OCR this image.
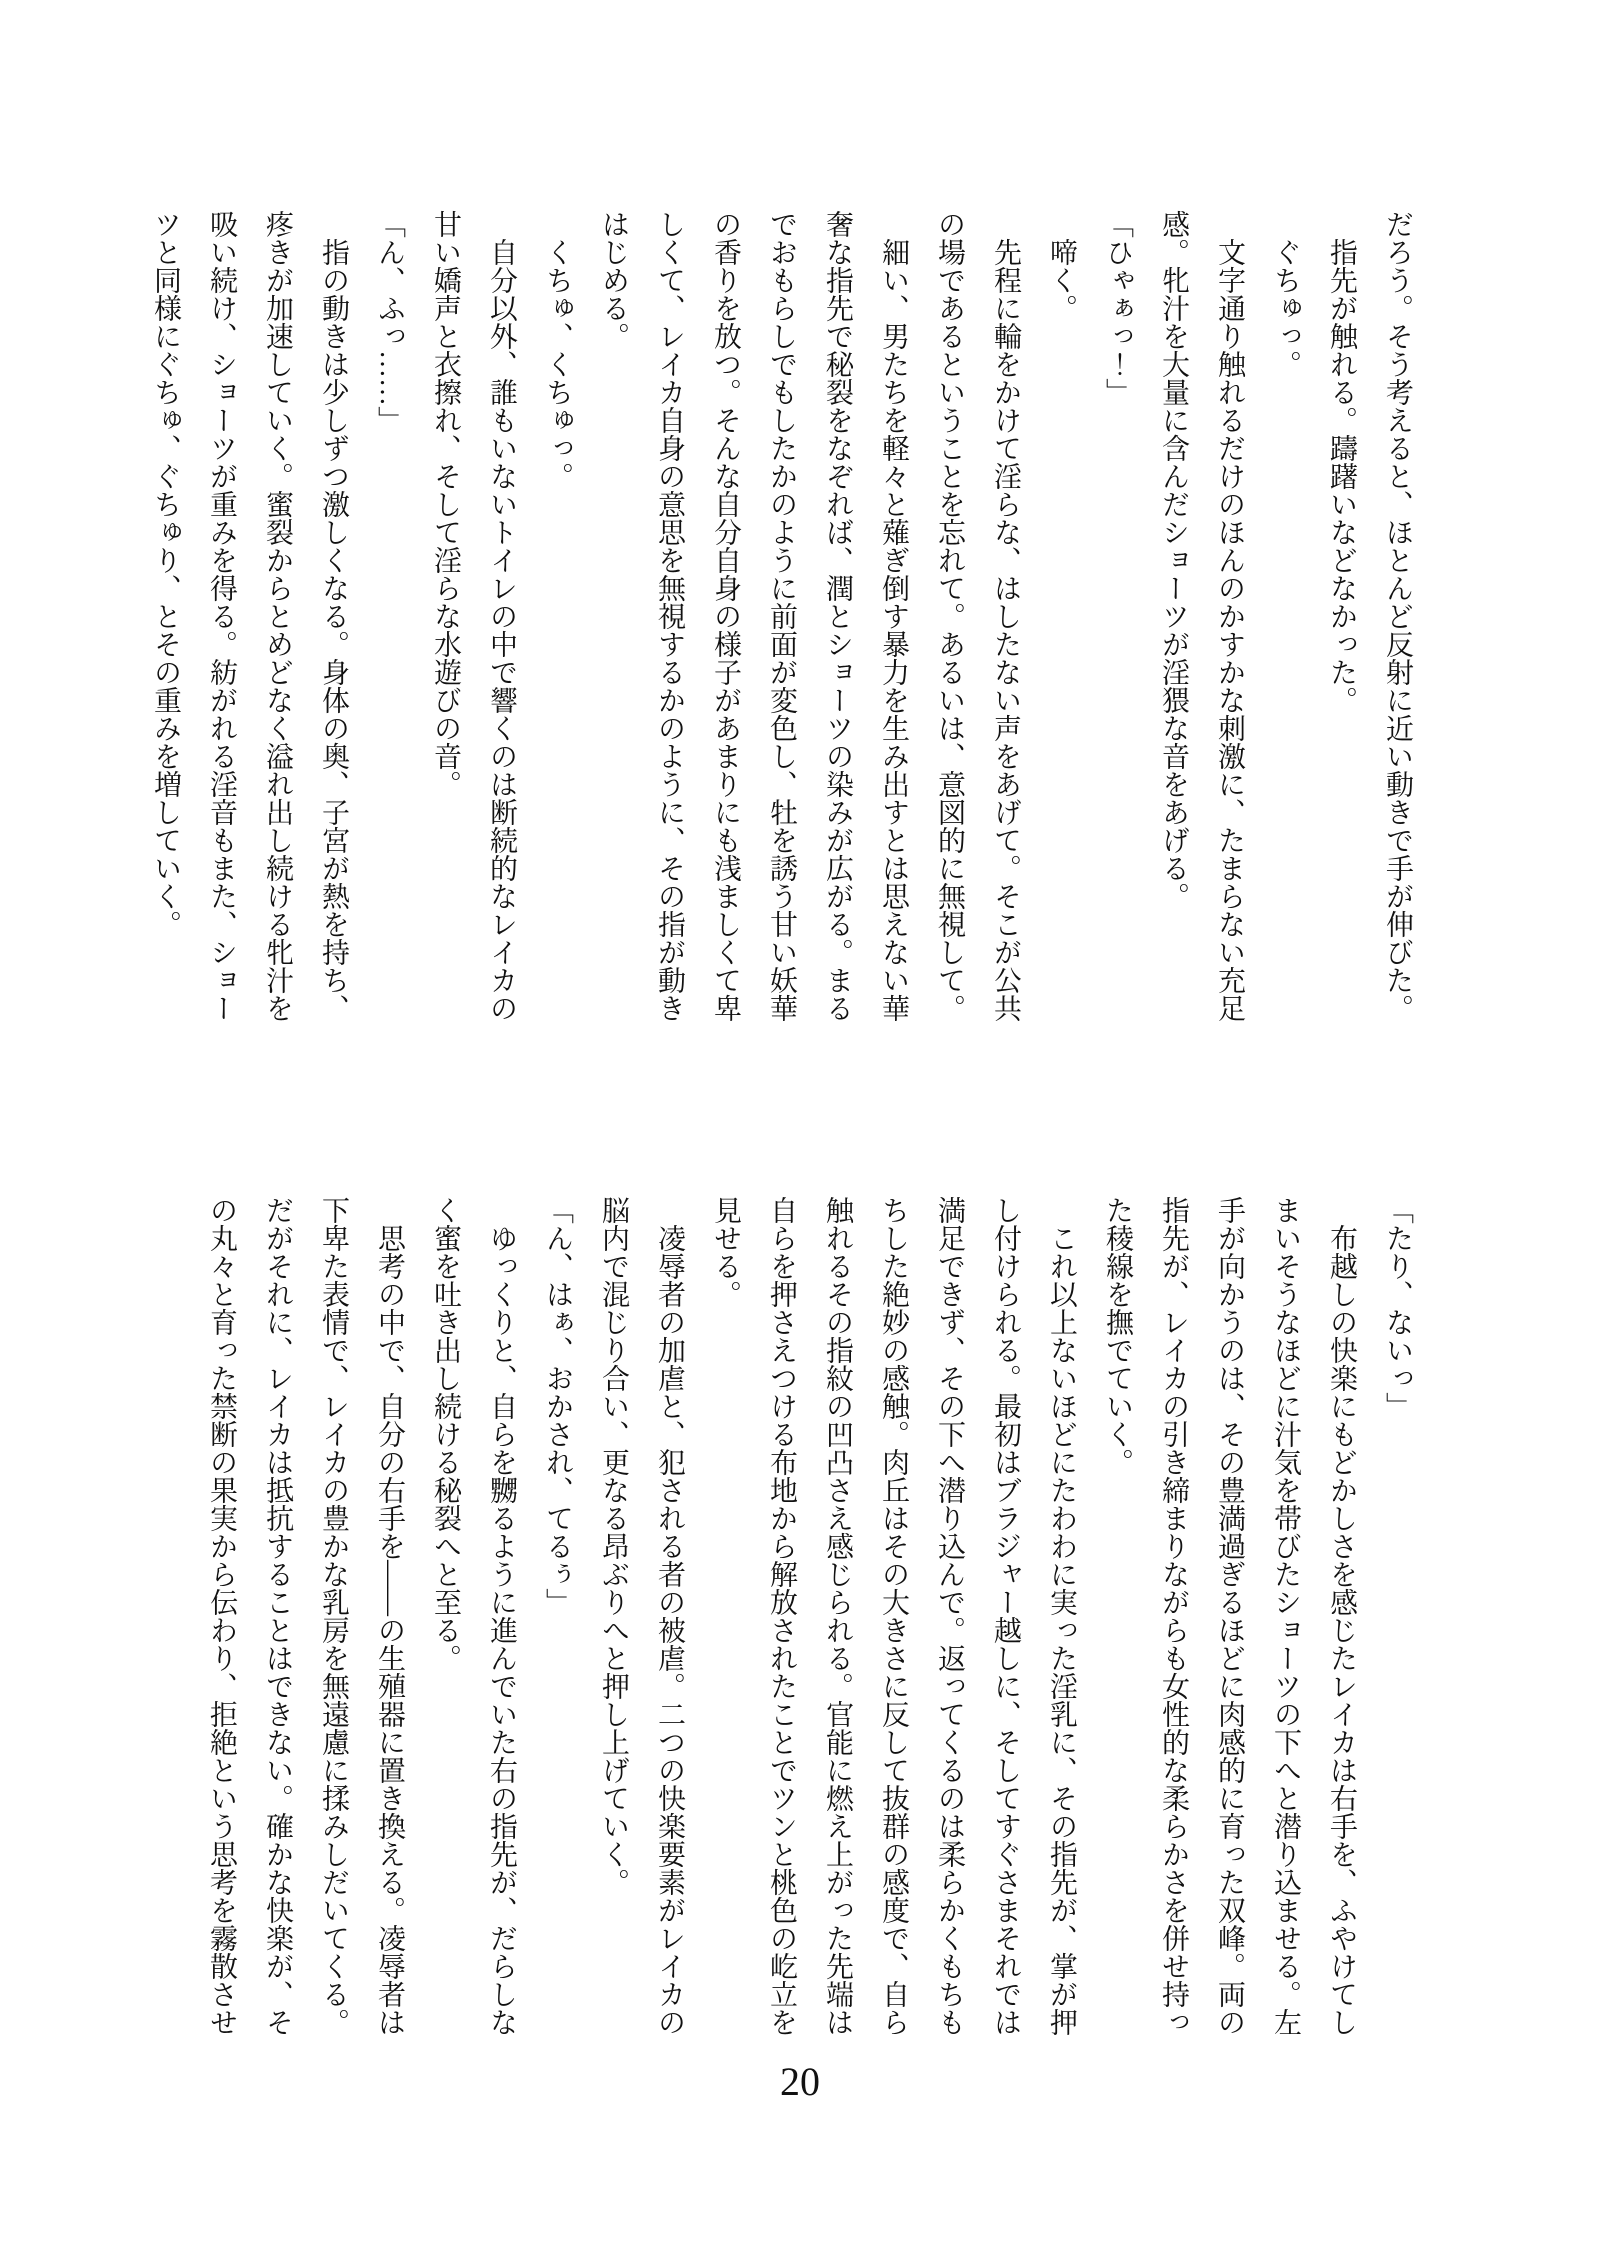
だろう。そう考えると、ほとんど反射に近い動きで手が伸びた。

指先が触れる。躊躇いなどなかった。

ぐちゅっ。

文字通り触れるだけのほんのかすかな刺激に、たまらない充足感。牝汁を大量に含んだショーツが淫猥な音をあげる。

「ひゃぁっ！」

啼く。

先程に輪をかけて淫らな、はしたない声をあげて。そこが公共の場であるということを忘れて。あるいは、意図的に無視して。

細い、男たちを軽々と薙ぎ倒す暴力を生み出すとは思えない華奢な指先で秘裂をなぞれば、潤とショーツの染みが広がる。まるでおもらしでもしたかのように前面が変色し、牡を誘う甘い妖華の香りを放つ。そんな自分自身の様子があまりにも浅ましくて卑しくて、レイカ自身の意思を無視するかのように、その指が動きはじめる。

くちゅ、くちゅっ。

自分以外、誰もいないトイレの中で響くのは断続的なレイカの甘い嬌声と衣擦れ、そして淫らな水遊びの音。

「ん、ふっ……」

指の動きは少しずつ激しくなる。身体の奥、子宮が熱を持ち、疼きが加速していく。蜜裂からとめどなく溢れ出し続ける牝汁を吸い続け、ショーツが重みを得る。紡がれる淫音もまた、ショーツと同様にぐちゅ、ぐちゅり、とその重みを増していく。

「たり、ないっ」

布越しの快楽にもどかしさを感じたレイカは右手を、ふやけてしまいそうなほどに汁気を帯びたショーツの下へと潜り込ませる。左手が向かうのは、その豊満過ぎるほどに肉感的に育った双峰。両の指先が、レイカの引き締まりながらも女性的な柔らかさを併せ持った稜線を撫でていく。

これ以上ないほどにたわわに実った淫乳に、その指先が、掌が押し付けられる。最初はブラジャー越しに、そしてすぐさまそれでは満足できず、その下へ潜り込んで。返ってくるのは柔らかくもちもちした絶妙の感触。肉丘はその大きさに反して抜群の感度で、自ら触れるその指紋の凹凸さえ感じられる。官能に燃え上がった先端は自らを押さえつける布地から解放されたことでツンと桃色の屹立を見せる。

凌辱者の加虐と、犯される者の被虐。二つの快楽要素がレイカの脳内で混じり合い、更なる昂ぶりへと押し上げていく。

「ん、はぁ、おかされ、てるぅ」

ゆっくりと、自らを嬲るように進んでいた右の指先が、だらしなく蜜を吐き出し続ける秘裂へと至る。

思考の中で、自分の右手を――の生殖器に置き換える。凌辱者は下卑た表情で、レイカの豊かな乳房を無遠慮に揉みしだいてくる。だがそれに、レイカは抵抗することはできない。確かな快楽が、その丸々と育った禁断の果実から伝わり、拒絶という思考を霧散させ

20
